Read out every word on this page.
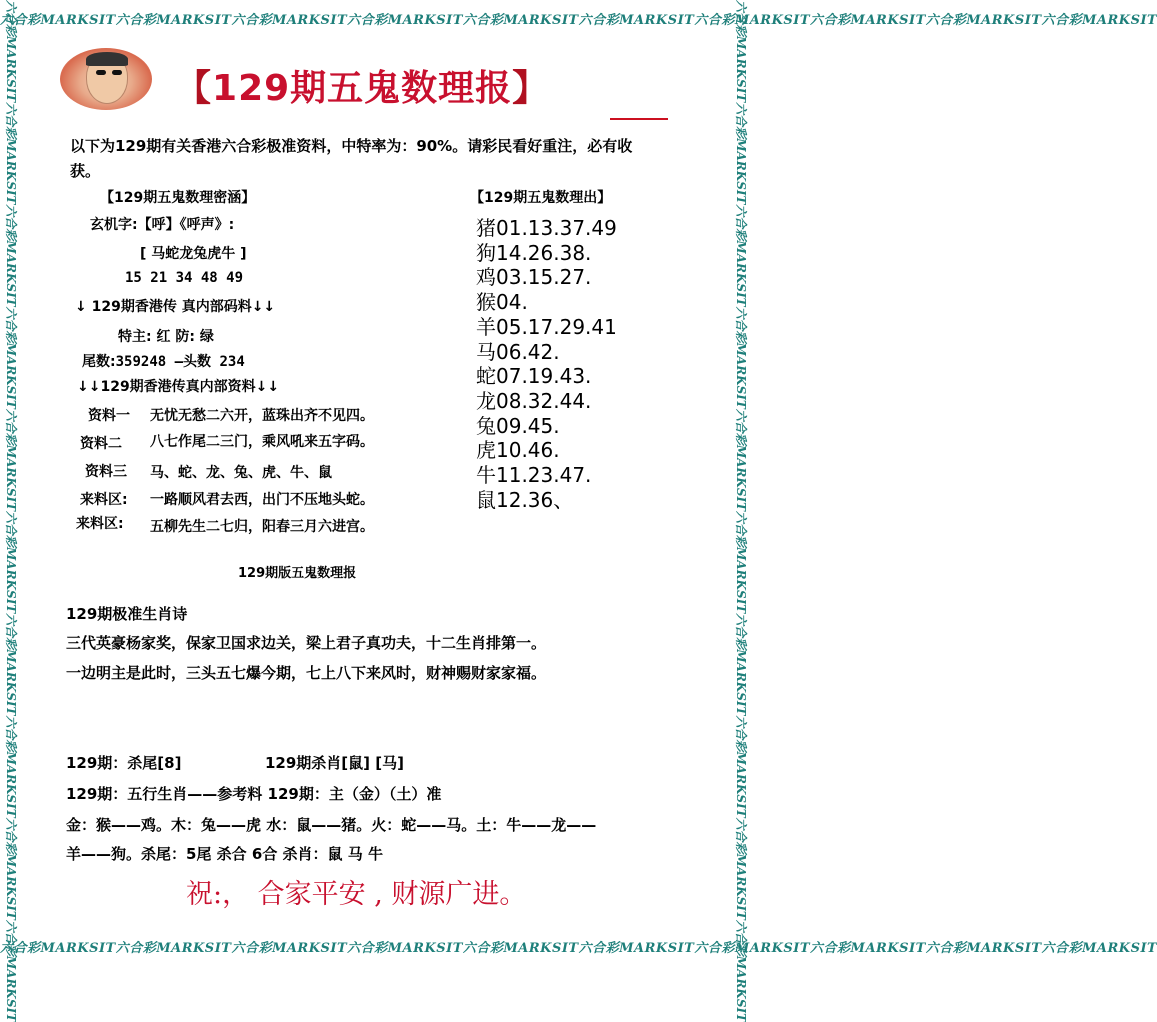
六合彩MARKSIT六合彩MARKSIT六合彩MARKSIT六合彩MARKSIT六合彩MARKSIT六合彩MARKSIT六合彩MARKSIT六合彩MARKSIT六合彩MARKSIT六合彩MARKSIT
六合彩MARKSIT六合彩MARKSIT六合彩MARKSIT六合彩MARKSIT六合彩MARKSIT六合彩MARKSIT六合彩MARKSIT六合彩MARKSIT六合彩MARKSIT六合彩MARKSIT
六合彩MARKSIT六合彩MARKSIT六合彩MARKSIT六合彩MARKSIT六合彩MARKSIT六合彩MARKSIT六合彩MARKSIT六合彩MARKSIT六合彩MARKSIT六合彩MARKSIT	六合彩MARKSIT六合彩MARKSIT六合彩MARKSIT六合彩MARKSIT六合彩MARKSIT六合彩MARKSIT六合彩MARKSIT六合彩MARKSIT六合彩MARKSIT六合彩MARKSIT
【129期五鬼数理报】
以下为129期有关香港六合彩极准资料，中特率为：90%。请彩民看好重注，必有收
获。
【129期五鬼数理密涵】
玄机字:【呼】《呼声》:
[ 马蛇龙兔虎牛 ]
15 21 34 48 49
↓ 129期香港传 真内部码料↓↓
特主: 红 防: 绿
尾数:359248 —头数 234
↓↓129期香港传真内部资料↓↓
资料一 无忧无愁二六开，蓝珠出齐不见四。
资料二 八七作尾二三门，乘风吼来五字码。
资料三 马、蛇、龙、兔、虎、牛、鼠
来料区: 一路顺风君去西，出门不压地头蛇。
来料区: 五柳先生二七归，阳春三月六进宫。
【129期五鬼数理出】
猪01.13.37.49
狗14.26.38.
鸡03.15.27.
猴04.
羊05.17.29.41
马06.42.
蛇07.19.43.
龙08.32.44.
兔09.45.
虎10.46.
牛11.23.47.
鼠12.36、
129期版五鬼数理报
129期极准生肖诗
三代英豪杨家奖，保家卫国求边关，梁上君子真功夫，十二生肖排第一。
一边明主是此时，三头五七爆今期，七上八下来风时，财神赐财家家福。
129期：杀尾[8]	129期杀肖[鼠] [马]
129期：五行生肖——参考料 129期：主（金）（土）准
金：猴——鸡。木：兔——虎 水：鼠——猪。火：蛇——马。土：牛——龙——
羊——狗。杀尾：5尾 杀合 6合 杀肖：鼠 马 牛
祝:， 合家平安 , 财源广进。
